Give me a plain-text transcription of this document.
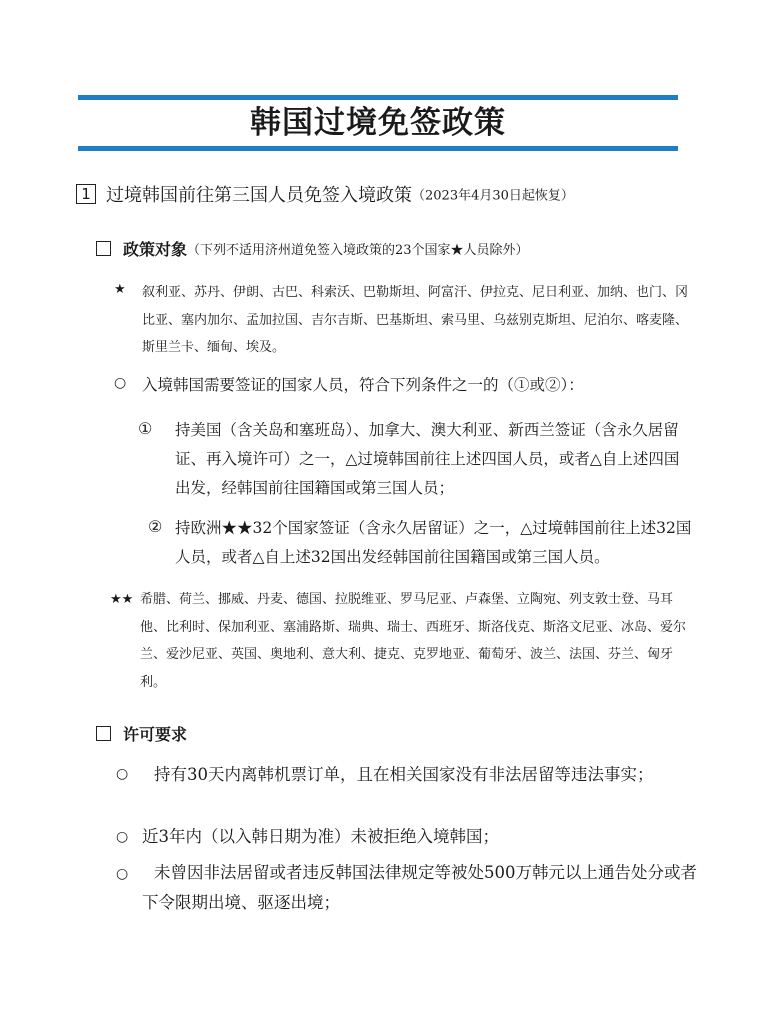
韩国过境免签政策
1 过境韩国前往第三国人员免签入境政策（2023年4月30日起恢复）
政策对象（下列不适用济州道免签入境政策的23个国家★人员除外）
★ 叙利亚、苏丹、伊朗、古巴、科索沃、巴勒斯坦、阿富汗、伊拉克、尼日利亚、加纳、也门、冈比亚、塞内加尔、孟加拉国、吉尔吉斯、巴基斯坦、索马里、乌兹别克斯坦、尼泊尔、喀麦隆、斯里兰卡、缅甸、埃及。
○ 入境韩国需要签证的国家人员，符合下列条件之一的（①或②）：
① 持美国（含关岛和塞班岛）、加拿大、澳大利亚、新西兰签证（含永久居留证、再入境许可）之一，△过境韩国前往上述四国人员，或者△自上述四国出发，经韩国前往国籍国或第三国人员；
② 持欧洲★★32个国家签证（含永久居留证）之一，△过境韩国前往上述32国人员，或者△自上述32国出发经韩国前往国籍国或第三国人员。
★★ 希腊、荷兰、挪威、丹麦、德国、拉脱维亚、罗马尼亚、卢森堡、立陶宛、列支敦士登、马耳他、比利时、保加利亚、塞浦路斯、瑞典、瑞士、西班牙、斯洛伐克、斯洛文尼亚、冰岛、爱尔兰、爱沙尼亚、英国、奥地利、意大利、捷克、克罗地亚、葡萄牙、波兰、法国、芬兰、匈牙利。
许可要求
○	持有30天内离韩机票订单，且在相关国家没有非法居留等违法事实；
○ 近3年内（以入韩日期为准）未被拒绝入境韩国；
○	未曾因非法居留或者违反韩国法律规定等被处500万韩元以上通告处分或者下令限期出境、驱逐出境；
